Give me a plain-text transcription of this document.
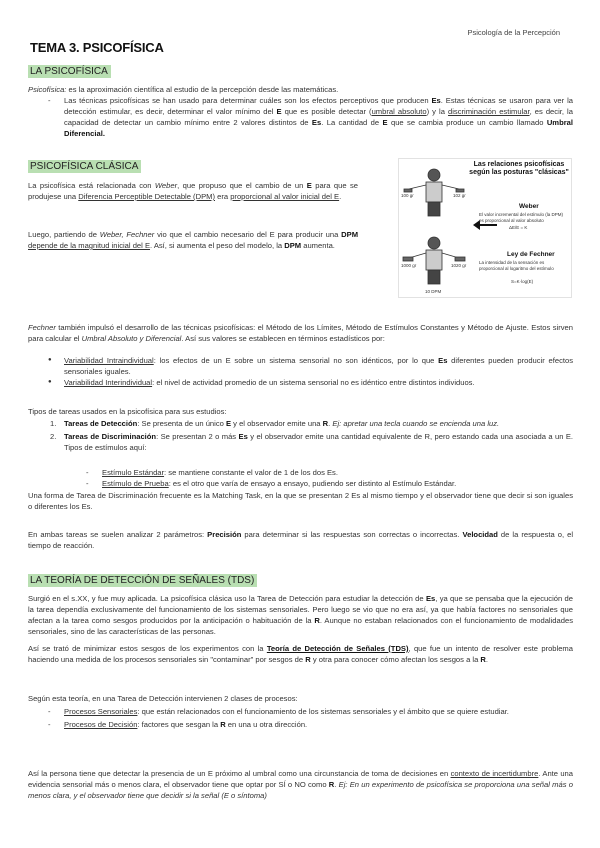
Psicología de la Percepción
TEMA 3. PSICOFÍSICA
LA PSICOFÍSICA
Psicofísica: es la aproximación científica al estudio de la percepción desde las matemáticas.
- Las técnicas psicofísicas se han usado para determinar cuáles son los efectos perceptivos que producen Es. Estas técnicas se usaron para ver la detección estimular, es decir, determinar el valor mínimo del E que es posible detectar (umbral absoluto) y la discriminación estimular, es decir, la capacidad de detectar un cambio mínimo entre 2 valores distintos de Es. La cantidad de E que se cambia produce un cambio llamado Umbral Diferencial.
PSICOFÍSICA CLÁSICA
La psicofísica está relacionada con Weber, que propuso que el cambio de un E para que se produjese una Diferencia Perceptible Detectable (DPM) era proporcional al valor inicial del E.
Luego, partiendo de Weber, Fechner vio que el cambio necesario del E para producir una DPM depende de la magnitud inicial del E. Así, si aumenta el peso del modelo, la DPM aumenta.
Las relaciones psicofísicas según las posturas "clásicas"
100 gr	102 gr
1000 gr	1020 gr
10 DPM
Weber
El valor incremental del estímulo (la DPM) es proporcional al valor absoluto
ΔE/E = K
Ley de Fechner
La intensidad de la sensación es proporcional al logaritmo del estímulo
S=K·log(E)
Fechner también impulsó el desarrollo de las técnicas psicofísicas: el Método de los Límites, Método de Estímulos Constantes y Método de Ajuste. Estos sirven para calcular el Umbral Absoluto y Diferencial. Así sus valores se establecen en términos estadísticos por:
● Variabilidad Intraindividual: los efectos de un E sobre un sistema sensorial no son idénticos, por lo que Es diferentes pueden producir efectos sensoriales iguales.
● Variabilidad Interindividual: el nivel de actividad promedio de un sistema sensorial no es idéntico entre distintos individuos.
Tipos de tareas usados en la psicofísica para sus estudios:
1. Tareas de Detección: Se presenta de un único E y el observador emite una R. Ej: apretar una tecla cuando se encienda una luz.
2. Tareas de Discriminación: Se presentan 2 o más Es y el observador emite una cantidad equivalente de R, pero estando cada una asociada a un E. Tipos de estímulos aquí:
- Estímulo Estándar: se mantiene constante el valor de 1 de los dos Es.
- Estímulo de Prueba: es el otro que varía de ensayo a ensayo, pudiendo ser distinto al Estímulo Estándar.
Una forma de Tarea de Discriminación frecuente es la Matching Task, en la que se presentan 2 Es al mismo tiempo y el observador tiene que decir si son iguales o diferentes los Es.
En ambas tareas se suelen analizar 2 parámetros: Precisión para determinar si las respuestas son correctas o incorrectas. Velocidad de la respuesta o, el tiempo de reacción.
LA TEORÍA DE DETECCIÓN DE SEÑALES (TDS)
Surgió en el s.XX, y fue muy aplicada. La psicofísica clásica uso la Tarea de Detección para estudiar la detección de Es, ya que se pensaba que la ejecución de la tarea dependía exclusivamente del funcionamiento de los sistemas sensoriales. Pero luego se vio que no era así, ya que había factores no sensoriales que afectan a la tarea como sesgos producidos por la anticipación o habituación de la R. Aunque no estaban relacionados con el funcionamiento de modalidades sensoriales, sino de las características de las personas.
Así se trató de minimizar estos sesgos de los experimentos con la Teoría de Detección de Señales (TDS), que fue un intento de resolver este problema haciendo una medida de los procesos sensoriales sin "contaminar" por sesgos de R y otra para conocer cómo afectan los sesgos a la R.
Según esta teoría, en una Tarea de Detección intervienen 2 clases de procesos:
- Procesos Sensoriales: que están relacionados con el funcionamiento de los sistemas sensoriales y el ámbito que se quiere estudiar.
- Procesos de Decisión: factores que sesgan la R en una u otra dirección.
Así la persona tiene que detectar la presencia de un E próximo al umbral como una circunstancia de toma de decisiones en contexto de incertidumbre. Ante una evidencia sensorial más o menos clara, el observador tiene que optar por SÍ o NO como R. Ej: En un experimento de psicofísica se proporciona una señal más o menos clara, y el observador tiene que decidir si la señal (E o síntoma)
